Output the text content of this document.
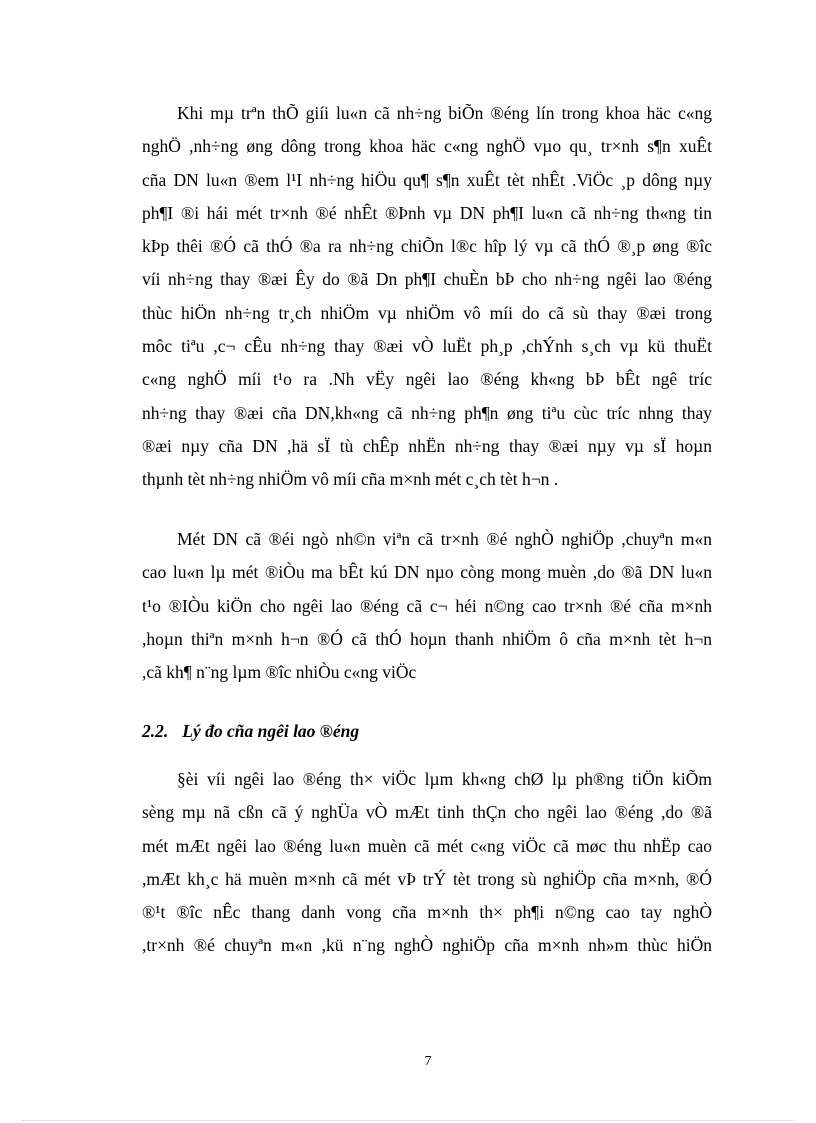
Khi mµ trªn thÕ giíi lu«n cã nh÷ng biÕn ®éng lín trong khoa häc c«ng
nghÖ ,nh÷ng øng dông trong khoa häc c«ng nghÖ vµo qu¸ tr×nh s¶n xuÊt
cña DN lu«n ®em l¹I nh÷ng hiÖu qu¶ s¶n xuÊt tèt nhÊt .ViÖc ¸p dông nµy
ph¶I ®i hái mét tr×nh ®é nhÊt ®Þnh vµ DN ph¶I lu«n cã nh÷ng th«ng tin
kÞp thêi ®Ó cã thÓ ®a ra nh÷ng chiÕn l®c hîp lý vµ cã thÓ ®¸p øng ®îc
víi nh÷ng thay ®æi Êy do ®ã Dn ph¶I chuÈn bÞ cho nh÷ng ngêi lao ®éng
thùc hiÖn nh÷ng tr¸ch nhiÖm vµ nhiÖm vô míi do cã sù thay ®æi trong
môc tiªu ,c¬ cÊu nh÷ng thay ®æi vÒ luËt ph¸p ,chÝnh s¸ch vµ kü thuËt
c«ng nghÖ míi t¹o ra .Nh vËy ngêi lao ®éng kh«ng bÞ bÊt ngê tríc
nh÷ng thay ®æi cña DN,kh«ng cã nh÷ng ph¶n øng tiªu cùc tríc nhng thay
®æi nµy cña DN ,hä sÏ tù chÊp nhËn nh÷ng thay ®æi nµy vµ sÏ hoµn
thµnh tèt nh÷ng nhiÖm vô míi cña m×nh mét c¸ch tèt h¬n .
Mét DN cã ®éi ngò nh©n viªn cã tr×nh ®é nghÒ nghiÖp ,chuyªn m«n
cao lu«n lµ mét ®iÒu ma bÊt kú DN nµo còng mong muèn ,do ®ã DN lu«n
t¹o ®IÒu kiÖn cho ngêi lao ®éng cã c¬ héi n©ng cao tr×nh ®é cña m×nh
,hoµn thiªn m×nh h¬n ®Ó cã thÓ hoµn thanh nhiÖm ô cña m×nh tèt h¬n
,cã kh¶ n¨ng lµm ®îc nhiÒu c«ng viÖc
2.2. Lý đo cña ngêi lao ®éng
§èi víi ngêi lao ®éng th× viÖc lµm kh«ng chØ lµ ph®ng tiÖn kiÕm
sèng mµ nã cßn cã ý nghÜa vÒ mÆt tinh thÇn cho ngêi lao ®éng ,do ®ã
mét mÆt ngêi lao ®éng lu«n muèn cã mét c«ng viÖc cã møc thu nhËp cao
,mÆt kh¸c hä muèn m×nh cã mét vÞ trÝ tèt trong sù nghiÖp cña m×nh, ®Ó
®¹t ®îc nÊc thang danh vong cña m×nh th× ph¶i n©ng cao tay nghÒ
,tr×nh ®é chuyªn m«n ,kü n¨ng nghÒ nghiÖp cña m×nh nh»m thùc hiÖn
7
